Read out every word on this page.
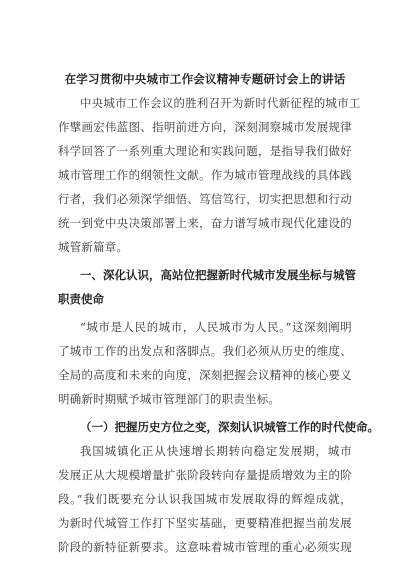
在学习贯彻中央城市工作会议精神专题研讨会上的讲话
中央城市工作会议的胜利召开为新时代新征程的城市工
作擘画宏伟蓝图、指明前进方向，深刻洞察城市发展规律
科学回答了一系列重大理论和实践问题，是指导我们做好
城市管理工作的纲领性文献。作为城市管理战线的具体践
行者，我们必须深学细悟、笃信笃行，切实把思想和行动
统一到党中央决策部署上来，奋力谱写城市现代化建设的
城管新篇章。
一、深化认识，高站位把握新时代城市发展坐标与城管
职责使命
“城市是人民的城市，人民城市为人民。”这深刻阐明
了城市工作的出发点和落脚点。我们必须从历史的维度、
全局的高度和未来的向度，深刻把握会议精神的核心要义
明确新时期赋予城市管理部门的职责坐标。
（一）把握历史方位之变，深刻认识城管工作的时代使命。
我国城镇化正从快速增长期转向稳定发展期，城市
发展正从大规模增量扩张阶段转向存量提质增效为主的阶
段。”我们既要充分认识我国城市发展取得的辉煌成就，
为新时代城管工作打下坚实基础，更要精准把握当前发展
阶段的新特征新要求。这意味着城市管理的重心必须实现
